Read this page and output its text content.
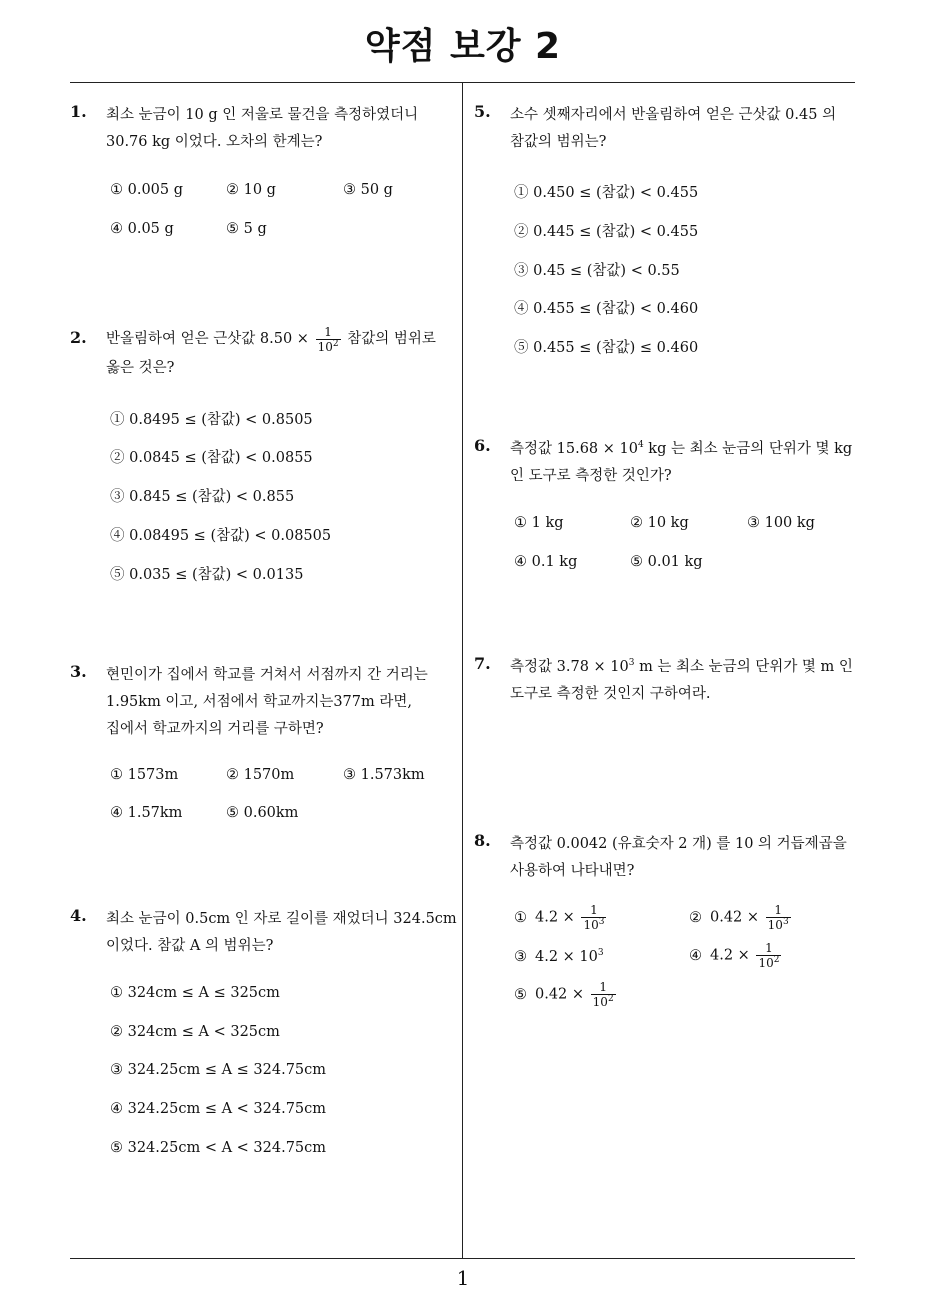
약점 보강 2
1
1. 최소 눈금이 10 g 인 저울로 물건을 측정하였더니
30.76 kg 이었다. 오차의 한계는?
① 0.005 g	② 10 g	③ 50 g
④ 0.05 g	⑤ 5 g
2. 반올림하여 얻은 근삿값 $8.50 \times \frac{1}{10^2}$ 참값의 범위로
옳은 것은?
① 0.8495 ≤ (참값) < 0.8505
② 0.0845 ≤ (참값) < 0.0855
③ 0.845 ≤ (참값) < 0.855
④ 0.08495 ≤ (참값) < 0.08505
⑤ 0.035 ≤ (참값) < 0.0135
3. 현민이가 집에서 학교를 거쳐서 서점까지 간 거리는
1.95km 이고, 서점에서 학교까지는377m 라면,
집에서 학교까지의 거리를 구하면?
① 1573m	② 1570m	③ 1.573km
④ 1.57km	⑤ 0.60km
4. 최소 눈금이 0.5cm 인 자로 길이를 재었더니 324.5cm
이었다. 참값 A 의 범위는?
① 324cm ≤ A ≤ 325cm
② 324cm ≤ A < 325cm
③ 324.25cm ≤ A ≤ 324.75cm
④ 324.25cm ≤ A < 324.75cm
⑤ 324.25cm < A < 324.75cm
5. 소수 셋째자리에서 반올림하여 얻은 근삿값 0.45 의
참값의 범위는?
① 0.450 ≤ (참값) < 0.455
② 0.445 ≤ (참값) < 0.455
③ 0.45 ≤ (참값) < 0.55
④ 0.455 ≤ (참값) < 0.460
⑤ 0.455 ≤ (참값) ≤ 0.460
6. 측정값 $15.68 \times 10^4$ kg 는 최소 눈금의 단위가 몇 kg
인 도구로 측정한 것인가?
① 1 kg	② 10 kg	③ 100 kg
④ 0.1 kg	⑤ 0.01 kg
7. 측정값 $3.78 \times 10^3$ m 는 최소 눈금의 단위가 몇 m 인
도구로 측정한 것인지 구하여라.
8. 측정값 0.0042 (유효숫자 2 개) 를 10 의 거듭제곱을
사용하여 나타내면?
① $4.2 \times \frac{1}{10^3}$	② $0.42 \times \frac{1}{10^3}$
③ $4.2 \times 10^3$	④ $4.2 \times \frac{1}{10^2}$
⑤ $0.42 \times \frac{1}{10^2}$
